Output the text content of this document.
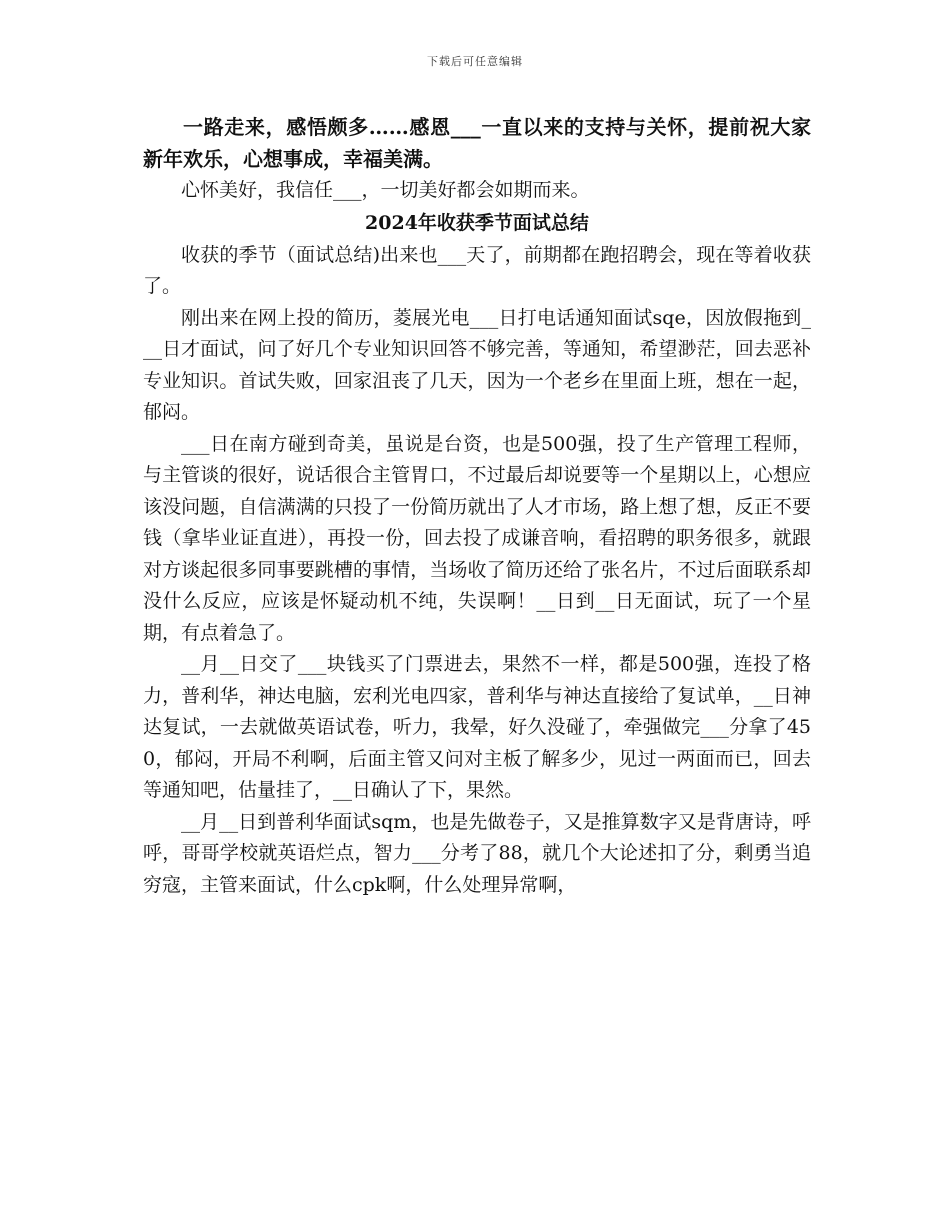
下载后可任意编辑

一路走来，感悟颇多……感恩___一直以来的支持与关怀，提前祝大家新年欢乐，心想事成，幸福美满。

心怀美好，我信任___，一切美好都会如期而来。

2024年收获季节面试总结

收获的季节（面试总结)出来也___天了，前期都在跑招聘会，现在等着收获了。

刚出来在网上投的简历，菱展光电___日打电话通知面试sqe，因放假拖到___日才面试，问了好几个专业知识回答不够完善，等通知，希望渺茫，回去恶补专业知识。首试失败，回家沮丧了几天，因为一个老乡在里面上班，想在一起，郁闷。

___日在南方碰到奇美，虽说是台资，也是500强，投了生产管理工程师，与主管谈的很好，说话很合主管胃口，不过最后却说要等一个星期以上，心想应该没问题，自信满满的只投了一份简历就出了人才市场，路上想了想，反正不要钱（拿毕业证直进），再投一份，回去投了成谦音响，看招聘的职务很多，就跟对方谈起很多同事要跳槽的事情，当场收了简历还给了张名片，不过后面联系却没什么反应，应该是怀疑动机不纯，失误啊！__日到__日无面试，玩了一个星期，有点着急了。

__月__日交了___块钱买了门票进去，果然不一样，都是500强，连投了格力，普利华，神达电脑，宏利光电四家，普利华与神达直接给了复试单，__日神达复试，一去就做英语试卷，听力，我晕，好久没碰了，牵强做完___分拿了450，郁闷，开局不利啊，后面主管又问对主板了解多少，见过一两面而已，回去等通知吧，估量挂了，__日确认了下，果然。

__月__日到普利华面试sqm，也是先做卷子，又是推算数字又是背唐诗，呼呼，哥哥学校就英语烂点，智力___分考了88，就几个大论述扣了分，剩勇当追穷寇，主管来面试，什么cpk啊，什么处理异常啊，
